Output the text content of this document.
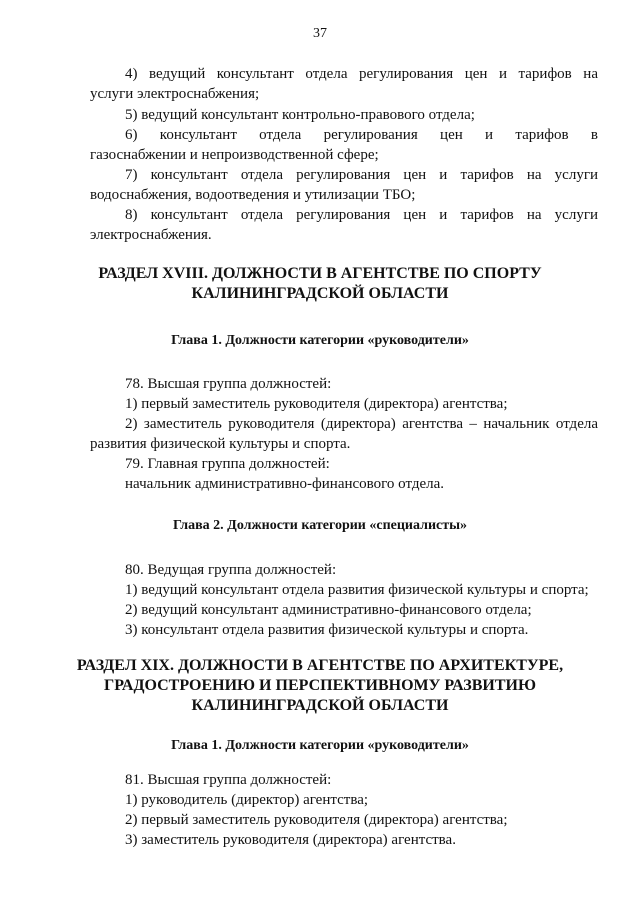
37
4) ведущий консультант отдела регулирования цен и тарифов на
услуги электроснабжения;
5) ведущий консультант контрольно-правового отдела;
6) консультант отдела регулирования цен и тарифов в
газоснабжении и непроизводственной сфере;
7) консультант отдела регулирования цен и тарифов на услуги
водоснабжения, водоотведения и утилизации ТБО;
8) консультант отдела регулирования цен и тарифов на услуги
электроснабжения.
РАЗДЕЛ XVIII. ДОЛЖНОСТИ В АГЕНТСТВЕ ПО СПОРТУ
КАЛИНИНГРАДСКОЙ ОБЛАСТИ
Глава 1. Должности категории «руководители»
78. Высшая группа должностей:
1) первый заместитель руководителя (директора) агентства;
2) заместитель руководителя (директора) агентства – начальник отдела
развития физической культуры и спорта.
79. Главная группа должностей:
начальник административно-финансового отдела.
Глава 2. Должности категории «специалисты»
80. Ведущая группа должностей:
1) ведущий консультант отдела развития физической культуры и спорта;
2) ведущий консультант административно-финансового отдела;
3) консультант отдела развития физической культуры и спорта.
РАЗДЕЛ XIX. ДОЛЖНОСТИ В АГЕНТСТВЕ ПО АРХИТЕКТУРЕ,
ГРАДОСТРОЕНИЮ И ПЕРСПЕКТИВНОМУ РАЗВИТИЮ
КАЛИНИНГРАДСКОЙ ОБЛАСТИ
Глава 1. Должности категории «руководители»
81. Высшая группа должностей:
1) руководитель (директор) агентства;
2) первый заместитель руководителя (директора) агентства;
3) заместитель руководителя (директора) агентства.
